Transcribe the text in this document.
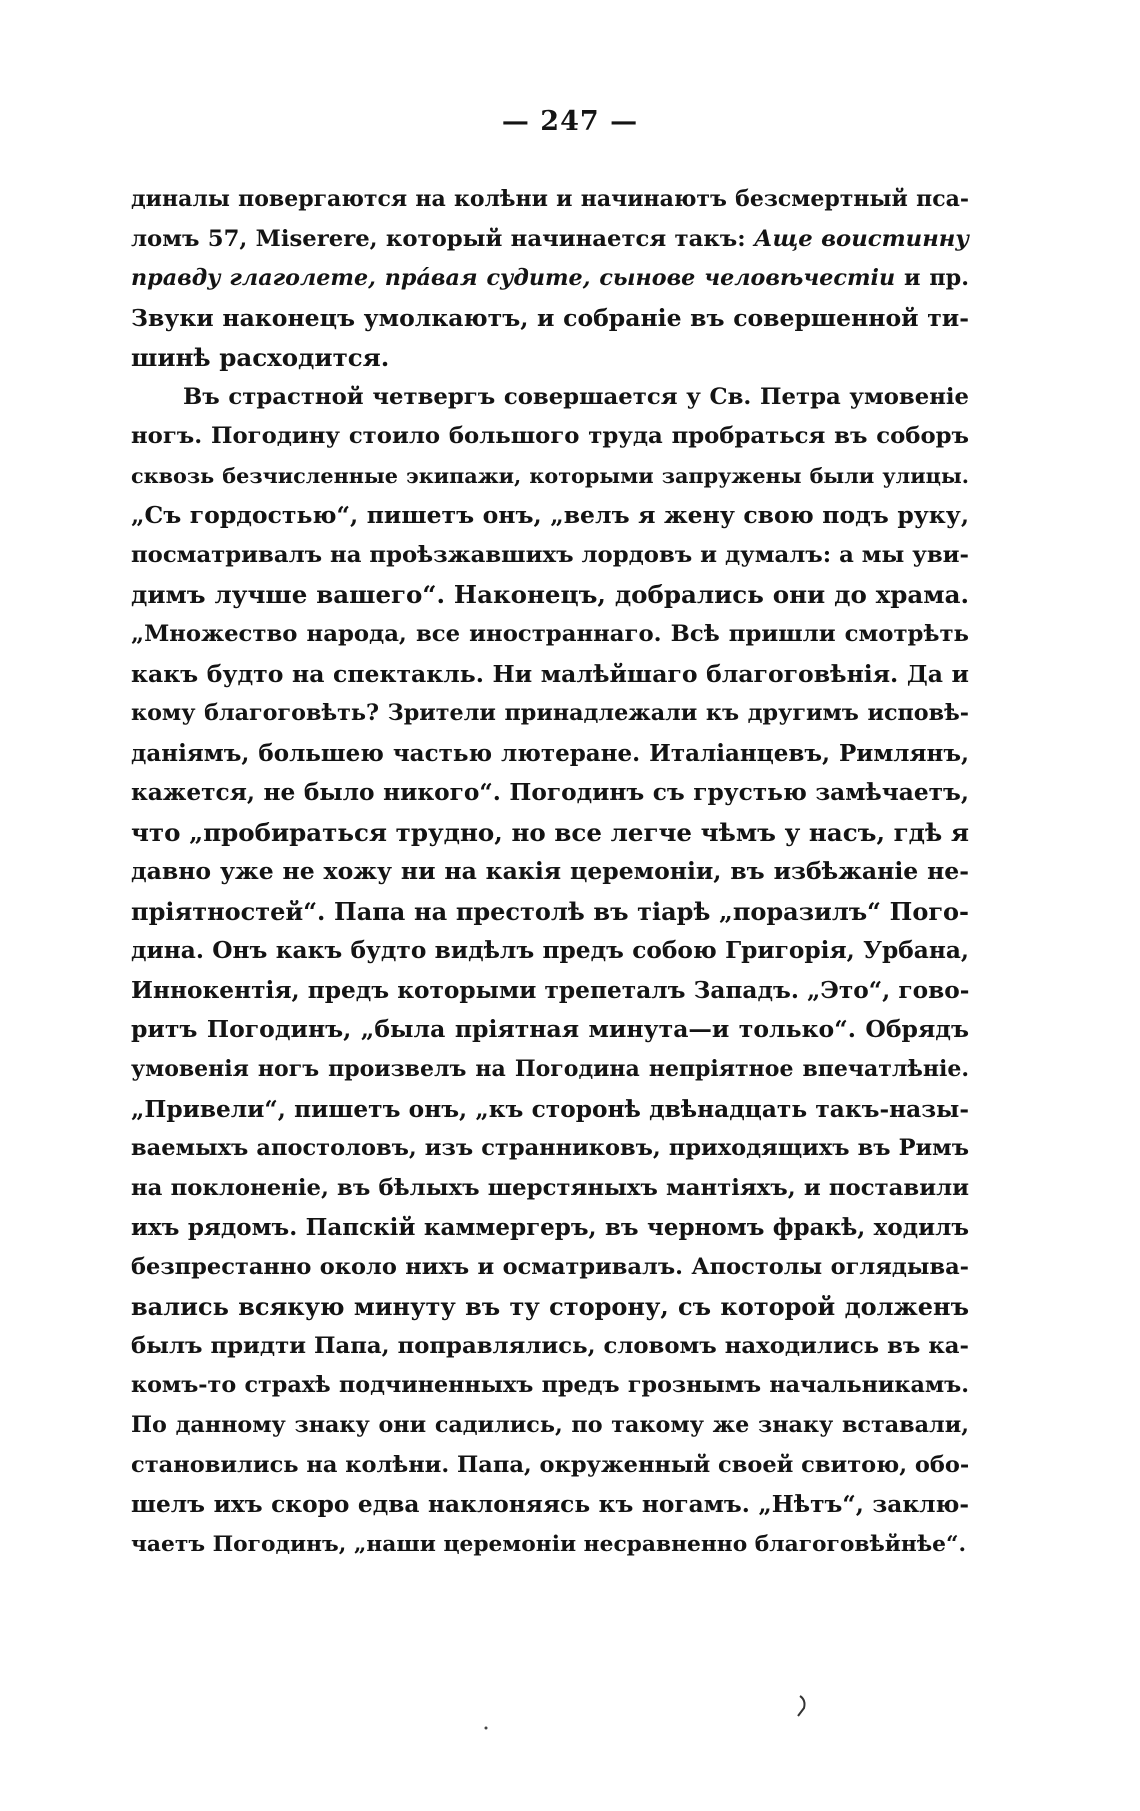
— 247 —
диналы повергаются на колѣни и начинаютъ безсмертный пса-
ломъ 57, Miserere, который начинается такъ: Аще воистинну
правду глаголете, прáвая судите, сынове человѣчестiи и пр.
Звуки наконецъ умолкаютъ, и собранiе въ совершенной ти-
шинѣ расходится.
Въ страстной четвергъ совершается у Св. Петра умовенiе
ногъ. Погодину стоило большого труда пробраться въ соборъ
сквозь безчисленные экипажи, которыми запружены были улицы.
„Съ гордостью“, пишетъ онъ, „велъ я жену свою подъ руку,
посматривалъ на проѣзжавшихъ лордовъ и думалъ: а мы уви-
димъ лучше вашего“. Наконецъ, добрались они до храма.
„Множество народа, все иностраннаго. Всѣ пришли смотрѣть
какъ будто на спектакль. Ни малѣйшаго благоговѣнiя. Да и
кому благоговѣть? Зрители принадлежали къ другимъ исповѣ-
данiямъ, большею частью лютеране. Италiанцевъ, Римлянъ,
кажется, не было никого“. Погодинъ съ грустью замѣчаетъ,
что „пробираться трудно, но все легче чѣмъ у насъ, гдѣ я
давно уже не хожу ни на какiя церемонiи, въ избѣжанiе не-
прiятностей“. Папа на престолѣ въ тiарѣ „поразилъ“ Пого-
дина. Онъ какъ будто видѣлъ предъ собою Григорiя, Урбана,
Иннокентiя, предъ которыми трепеталъ Западъ. „Это“, гово-
ритъ Погодинъ, „была прiятная минута—и только“. Обрядъ
умовенiя ногъ произвелъ на Погодина непрiятное впечатлѣнiе.
„Привели“, пишетъ онъ, „къ сторонѣ двѣнадцать такъ-назы-
ваемыхъ апостоловъ, изъ странниковъ, приходящихъ въ Римъ
на поклоненiе, въ бѣлыхъ шерстяныхъ мантiяхъ, и поставили
ихъ рядомъ. Папскiй каммергеръ, въ черномъ фракѣ, ходилъ
безпрестанно около нихъ и осматривалъ. Апостолы оглядыва-
вались всякую минуту въ ту сторону, съ которой долженъ
былъ придти Папа, поправлялись, словомъ находились въ ка-
комъ-то страхѣ подчиненныхъ предъ грознымъ начальникамъ.
По данному знаку они садились, по такому же знаку вставали,
становились на колѣни. Папа, окруженный своей свитою, обо-
шелъ ихъ скоро едва наклоняясь къ ногамъ. „Нѣтъ“, заклю-
чаетъ Погодинъ, „наши церемонiи несравненно благоговѣйнѣе“.
